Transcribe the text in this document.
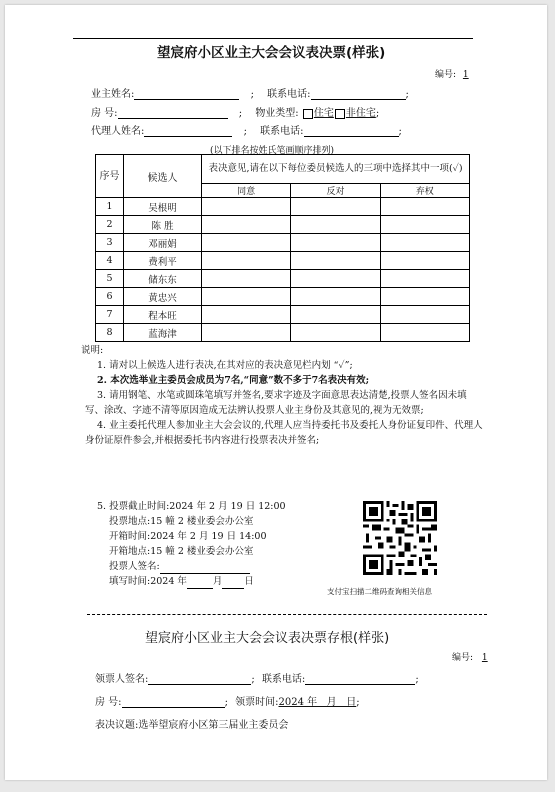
望宸府小区业主大会会议表决票(样张)
编号: 1
业主姓名:	; 联系电话:	;
房 号:	; 物业类型: 住宅 非住宅;
代理人姓名:	; 联系电话:	;
(以下排名按姓氏笔画顺序排列)
序号	候选人	表决意见,请在以下每位委员候选人的三项中选择其中一项(✓)		
		同意	反对	弃权
1	吴根明			
2	陈 胜			
3	邓丽娟			
4	费利平			
5	储东东			
6	黄忠兴			
7	程本旺			
8	蓝海津			
说明:
1. 请对以上候选人进行表决,在其对应的表决意见栏内划 “✓”;
2. 本次选举业主委员会成员为7名,“同意”数不多于7名表决有效;
3. 请用钢笔、水笔或圆珠笔填写并签名,要求字迹及字面意思表达清楚,投票人签名因未填写、涂改、字迹不清等原因造成无法辨认投票人业主身份及其意见的,视为无效票;
4. 业主委托代理人参加业主大会会议的,代理人应当持委托书及委托人身份证复印件、代理人身份证原件参会,并根据委托书内容进行投票表决并签名;
5. 投票截止时间:2024 年 2 月 19 日 12:00
投票地点:15 幢 2 楼业委会办公室
开箱时间:2024 年 2 月 19 日 14:00
开箱地点:15 幢 2 楼业委会办公室
投票人签名:
填写时间:2024 年	月 日
支付宝扫描二维码查询相关信息
望宸府小区业主大会会议表决票存根(样张)
编号: 1
领票人签名:	; 联系电话:	;
房 号:	; 领票时间:2024 年   月   日;
表决议题:选举望宸府小区第三届业主委员会
